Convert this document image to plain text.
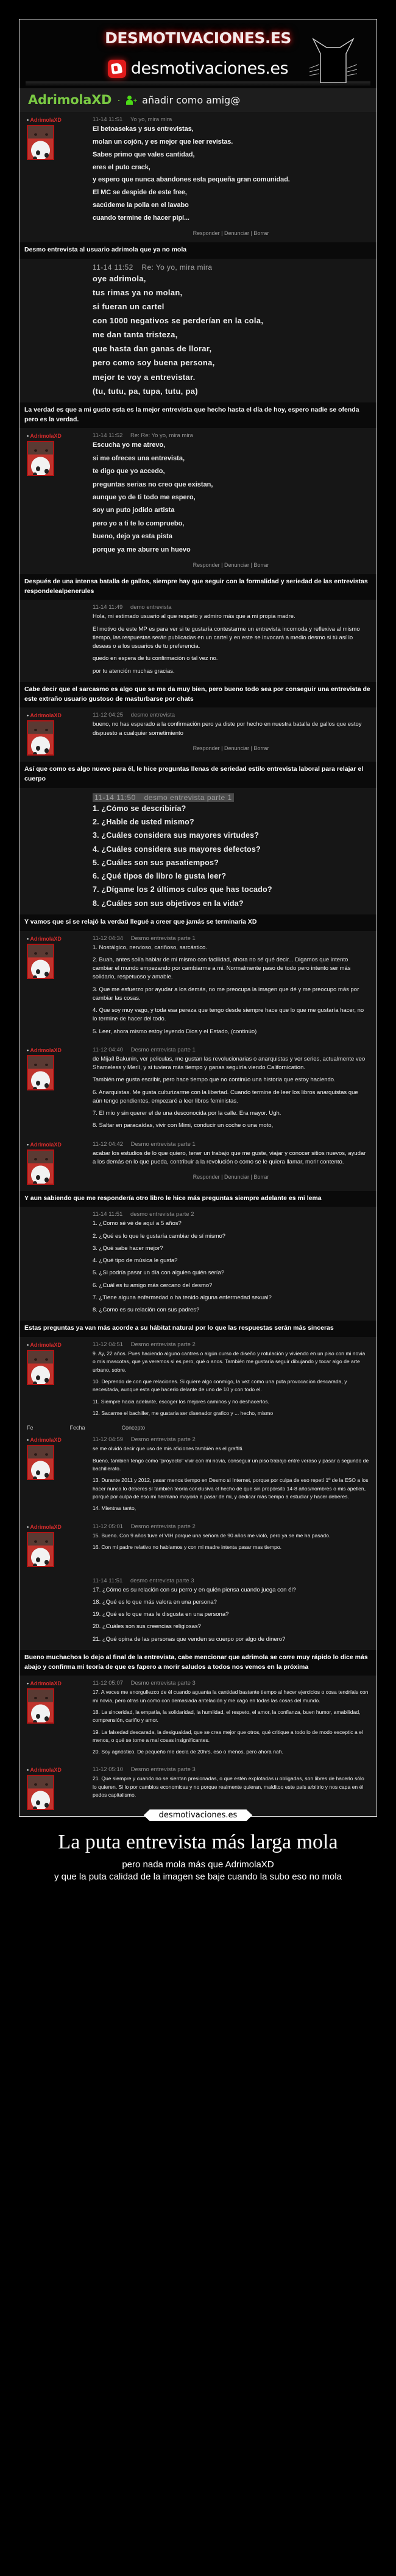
DESMOTIVACIONES.ES
desmotivaciones.es
AdrimolaXD · + añadir como amig@
• AdrimolaXD	11-14 11:51 Yo yo, mira mira

El betoasekas y sus entrevistas,

molan un cojón, y es mejor que leer revistas.

Sabes primo que vales cantidad,

eres el puto crack,

y espero que nunca abandones esta pequeña gran comunidad.

El MC se despide de este free,

sacúdeme la polla en el lavabo

cuando termine de hacer pipí...

Responder | Denunciar | Borrar
Desmo entrevista al usuario adrimola que ya no mola
11-14 11:52 Re: Yo yo, mira mira

oye adrimola,

tus rimas ya no molan,

si fueran un cartel

con 1000 negativos se perderían en la cola,

me dan tanta tristeza,

que hasta dan ganas de llorar,

pero como soy buena persona,

mejor te voy a entrevistar.

(tu, tutu, pa, tupa, tutu, pa)

La verdad es que a mi gusto esta es la mejor entrevista que hecho hasta el día de hoy, espero nadie se ofenda pero es la verdad.
• AdrimolaXD	11-14 11:52 Re: Re: Yo yo, mira mira

Escucha yo me atrevo,

si me ofreces una entrevista,

te digo que yo accedo,

preguntas serias no creo que existan,

aunque yo de ti todo me espero,

soy un puto jodido artista

pero yo a ti te lo compruebo,

bueno, dejo ya esta pista

porque ya me aburre un huevo

Responder | Denunciar | Borrar
Después de una intensa batalla de gallos, siempre hay que seguir con la formalidad y seriedad de las entrevistas respondelealpenerules
11-14 11:49 demo entrevista

Hola, mi estimado usuario al que respeto y admiro más que a mi propia madre.

El motivo de este MP es para ver si te gustaría contestarme un entrevista incomoda y reflexiva al mismo tiempo, las respuestas serán publicadas en un cartel y en este se invocará a medio desmo si tú así lo deseas o a los usuarios de tu preferencia.

quedo en espera de tu confirmación o tal vez no.

por tu atención muchas gracias.

Cabe decir que el sarcasmo es algo que se me da muy bien, pero bueno todo sea por conseguir una entrevista de este extraño usuario gustoso de masturbarse por chats
• AdrimolaXD	11-12 04:25 desmo entrevista

bueno, no has esperado a la confirmación pero ya diste por hecho en nuestra batalla de gallos que estoy dispuesto a cualquier sometimiento

Responder | Denunciar | Borrar
Así que como es algo nuevo para él, le hice preguntas llenas de seriedad estilo entrevista laboral para relajar el cuerpo
11-14 11:50 desmo entrevista parte 1

1. ¿Cómo se describiría?

2. ¿Hable de usted mismo?

3. ¿Cuáles considera sus mayores virtudes?

4. ¿Cuáles considera sus mayores defectos?

5. ¿Cuáles son sus pasatiempos?

6. ¿Qué tipos de libro le gusta leer?

7. ¿Dígame los 2 últimos culos que has tocado?

8. ¿Cuáles son sus objetivos en la vida?

Y vamos que sí se relajó la verdad llegué a creer que jamás se terminaría XD
• AdrimolaXD	11-12 04:34 Desmo entrevista parte 1

1. Nostálgico, nervioso, cariñoso, sarcástico.

2. Buah, antes solía hablar de mi mismo con facilidad, ahora no sé qué decir... Digamos que intento cambiar el mundo empezando por cambiarme a mi. Normalmente paso de todo pero intento ser más solidario, respetuoso y amable.

3. Que me esfuerzo por ayudar a los demás, no me preocupa la imagen que dé y me preocupo más por cambiar las cosas.

4. Que soy muy vago, y toda esa pereza que tengo desde siempre hace que lo que me gustaría hacer, no lo termine de hacer del todo.

5. Leer, ahora mismo estoy leyendo Dios y el Estado, (continúo)

• AdrimolaXD	11-12 04:40 Desmo entrevista parte 1

de Mijaíl Bakunin, ver peliculas, me gustan las revolucionarias o anarquistas y ver series, actualmente veo Shameless y Merlí, y si tuviera más tiempo y ganas seguiría viendo Californication.

También me gusta escribir, pero hace tiempo que no continúo una historia que estoy haciendo.

6. Anarquistas. Me gusta culturizarme con la libertad. Cuando termine de leer los libros anarquistas que aún tengo pendientes, empezaré a leer libros feministas.

7. El mio y sin querer el de una desconocida por la calle. Era mayor. Ugh.

8. Saltar en paracaídas, vivir con Mimi, conducir un coche o una moto,

• AdrimolaXD	11-12 04:42 Desmo entrevista parte 1

acabar los estudios de lo que quiero, tener un trabajo que me guste, viajar y conocer sitios nuevos, ayudar a los demás en lo que pueda, contribuir a la revolución o como se le quiera llamar, morir contento.

Responder | Denunciar | Borrar
Y aun sabiendo que me respondería otro libro le hice más preguntas siempre adelante es mi lema
11-14 11:51 desmo entrevista parte 2

1. ¿Como sé vé de aquí a 5 años?

2. ¿Qué es lo que le gustaría cambiar de sí mismo?

3. ¿Qué sabe hacer mejor?

4. ¿Qué tipo de música le gusta?

5. ¿Si podría pasar un día con alguien quién sería?

6. ¿Cuál es tu amigo más cercano del desmo?

7. ¿Tiene alguna enfermedad o ha tenido alguna enfermedad sexual?

8. ¿Como es su relación con sus padres?

Estas preguntas ya van más acorde a su hábitat natural por lo que las respuestas serán más sinceras
• AdrimolaXD	11-12 04:51 Desmo entrevista parte 2

9. Ay, 22 años. Pues haciendo alguno cantres o algún curso de diseño y rotulación y viviendo en un piso con mi novia o mis mascotas, que ya veremos si es pero, qué o anos. También me gustaría seguir dibujando y tocar algo de arte urbano, sobre.

10. Deprendo de con que relaciones. Si quiere algo conmigo, la vez como una puta provocacion descarada, y necesitada, aunque esta que hacerlo delante de uno de 10 y con todo el.

11. Siempre hacia adelante, escoger los mejores caminos y no deshacerlos.

12. Sacarme el bachiller, me gustaria ser disenador grafico y ... hecho, mismo

Fe	Fecha	Concepto
• AdrimolaXD	11-12 04:59 Desmo entrevista parte 2

se me olvidó decir que uso de mis aficiones también es el graffiti.

Bueno, tambien tengo como "proyecto" vivir con mi novia, conseguir un piso trabajo entre veraso y pasar a segundo de bachillerato.

13. Durante 2011 y 2012, pasar menos tiempo en Desmo si Internet, porque por culpa de eso repetí 1º de la ESO a los hacer nunca lo deberes sí también teoría conclusiva el hecho de que sin propórsito 14-8 años/nombres o mis apellen, porqué por culpa de eso mi hermano mayoria a pasar de mi, y dedicar más tiempo a estudiar y hacer deberes.

14. Mientras tanto,

• AdrimolaXD	11-12 05:01 Desmo entrevista parte 2

15. Bueno. Con 9 años tuve el VIH porque una señora de 90 años me violó, pero ya se me ha pasado.

16. Con mi padre relativo no hablamos y con mi madre intenta pasar mas tiempo.

11-14 11:51 desmo entrevista parte 3

17. ¿Cómo es su relación con su perro y en quién piensa cuando juega con él?

18. ¿Qué es lo que más valora en una persona?

19. ¿Qué es lo que mas le disgusta en una persona?

20. ¿Cuáles son sus creencias religiosas?

21. ¿Qué opina de las personas que venden su cuerpo por algo de dinero?

Bueno muchachos lo dejo al final de la entrevista, cabe mencionar que adrimola se corre muy rápido lo dice más abajo y confirma mi teoría de que es fapero a morir saludos a todos nos vemos en la próxima
• AdrimolaXD	11-12 05:07 Desmo entrevista parte 3

17. A veces me enorgullezco de él cuando aguanta la cantidad bastante tiempo al hacer ejercicios o cosa tendríais con mi novia, pero otras un como con demasiada antelación y me cago en todas las cosas del mundo.

18. La sinceridad, la empatía, la solidaridad, la humildad, el respeto, el amor, la confianza, buen humor, amabilidad, comprensión, cariño y amor.

19. La falsedad descarada, la desigualdad, que se crea mejor que otros, qué critique a todo lo de modo esceptic a el menos, o qué se tome a mal cosas insignificantes.

20. Soy agnóstico. De pequeño me decía de 20hrs, eso o menos, pero ahora nah.

• AdrimolaXD	11-12 05:10 Desmo entrevista parte 3

21. Que siempre y cuando no se sientan presionadas, o que estén explotadas u obligadas, son libres de hacerlo sólo lo quieren. Si lo por cambios economicas y no porque realmente quieran, malditoo este país arbitrio y nos capa en él pedos capitalismo.

desmotivaciones.es
La puta entrevista más larga mola
pero nada mola más que AdrimolaXD
y que la puta calidad de la imagen se baje cuando la subo eso no mola
